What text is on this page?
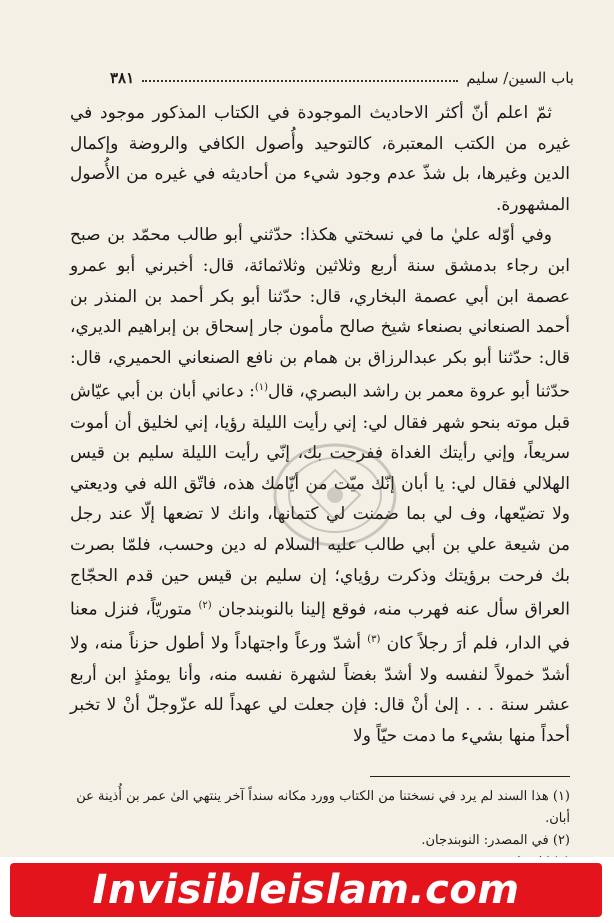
باب السين/ سليم
٣٨١

ثمّ اعلم أنّ أكثر الاحاديث الموجودة في الكتاب المذكور موجود في غيره من الكتب المعتبرة، كالتوحيد وأُصول الكافي والروضة وإكمال الدين وغيرها، بل شذّ عدم وجود شيء من أحاديثه في غيره من الأُصول المشهورة.

وفي أوّله عليٰ ما في نسختي هكذا: حدّثني أبو طالب محمّد بن صبح ابن رجاء بدمشق سنة أربع وثلاثين وثلاثمائة، قال: أخبرني أبو عمرو عصمة ابن أبي عصمة البخاري، قال: حدّثنا أبو بكر أحمد بن المنذر بن أحمد الصنعاني بصنعاء شيخ صالح مأمون جار إسحاق بن إبراهيم الديري، قال: حدّثنا أبو بكر عبدالرزاق بن همام بن نافع الصنعاني الحميري، قال: حدّثنا أبو عروة معمر بن راشد البصري، قال$^{(١)}$: دعاني أبان بن أبي عيّاش قبل موته بنحو شهر فقال لي: إني رأيت الليلة رؤيا، إني لخليق أن أموت سريعاً، وإني رأيتك الغداة ففرحت بك، إنّي رأيت الليلة سليم بن قيس الهلالي فقال لي: يا أبان إنّك ميّت من أيّامك هذه، فاتّق الله في وديعتي ولا تضيّعها، وف لي بما ضمنت لي كتمانها، وانك لا تضعها إلّا عند رجل من شيعة علي بن أبي طالب عليه السلام له دين وحسب، فلمّا بصرت بك فرحت برؤيتك وذكرت رؤياي؛ إن سليم بن قيس حين قدم الحجّاج العراق سأل عنه فهرب منه، فوقع إلينا بالنوبندجان $^{(٢)}$ متوريّاً، فنزل معنا في الدار، فلم أرَ رجلاً كان $^{(٣)}$ أشدّ ورعاً واجتهاداً ولا أطول حزناً منه، ولا أشدّ خمولاً لنفسه ولا أشدّ بغضاً لشهرة نفسه منه، وأنا يومئذٍ ابن أربع عشر سنة . . . إلىٰ أنْ قال: فإن جعلت لي عهداً لله عزّوجلّ أنْ لا تخبر أحداً منها بشيء ما دمت حيّاً ولا

(١) هذا السند لم يرد في نسختنا من الكتاب وورد مكانه سنداً آخر ينتهي الىٰ عمر بن أُذينة عن أبان.

(٢) في المصدر: النوبندجان.

Invisibleislam.com
